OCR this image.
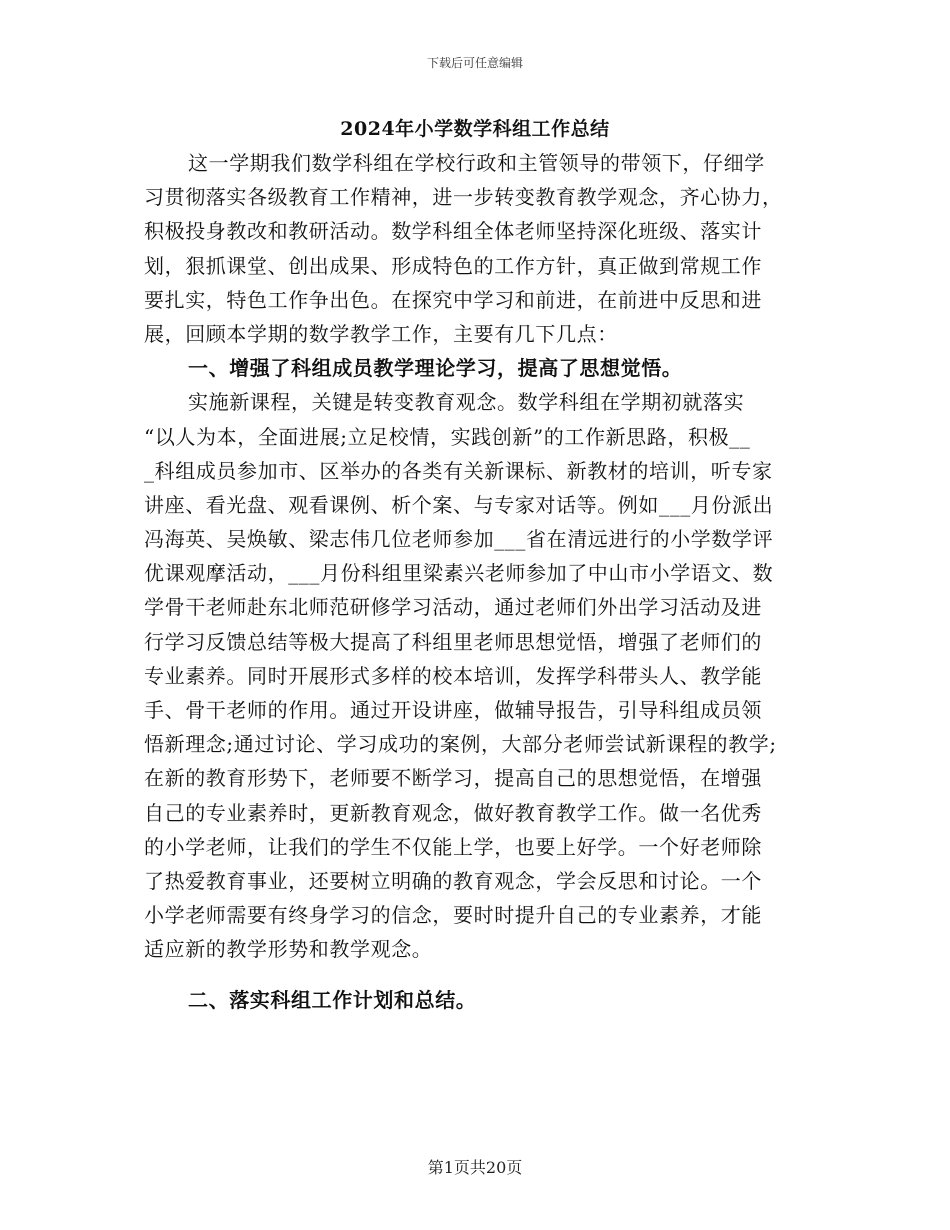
下载后可任意编辑
2024年小学数学科组工作总结
这一学期我们数学科组在学校行政和主管领导的带领下，仔细学
习贯彻落实各级教育工作精神，进一步转变教育教学观念，齐心协力，
积极投身教改和教研活动。数学科组全体老师坚持深化班级、落实计
划，狠抓课堂、创出成果、形成特色的工作方针，真正做到常规工作
要扎实，特色工作争出色。在探究中学习和前进，在前进中反思和进
展，回顾本学期的数学教学工作，主要有几下几点：
一、增强了科组成员教学理论学习，提高了思想觉悟。
实施新课程，关键是转变教育观念。数学科组在学期初就落实
“以人为本，全面进展;立足校情，实践创新”的工作新思路，积极__
_科组成员参加市、区举办的各类有关新课标、新教材的培训，听专家
讲座、看光盘、观看课例、析个案、与专家对话等。例如___月份派出
冯海英、吴焕敏、梁志伟几位老师参加___省在清远进行的小学数学评
优课观摩活动，___月份科组里梁素兴老师参加了中山市小学语文、数
学骨干老师赴东北师范研修学习活动，通过老师们外出学习活动及进
行学习反馈总结等极大提高了科组里老师思想觉悟，增强了老师们的
专业素养。同时开展形式多样的校本培训，发挥学科带头人、教学能
手、骨干老师的作用。通过开设讲座，做辅导报告，引导科组成员领
悟新理念;通过讨论、学习成功的案例，大部分老师尝试新课程的教学;
在新的教育形势下，老师要不断学习，提高自己的思想觉悟，在增强
自己的专业素养时，更新教育观念，做好教育教学工作。做一名优秀
的小学老师，让我们的学生不仅能上学，也要上好学。一个好老师除
了热爱教育事业，还要树立明确的教育观念，学会反思和讨论。一个
小学老师需要有终身学习的信念，要时时提升自己的专业素养，才能
适应新的教学形势和教学观念。
二、落实科组工作计划和总结。
第1页共20页
